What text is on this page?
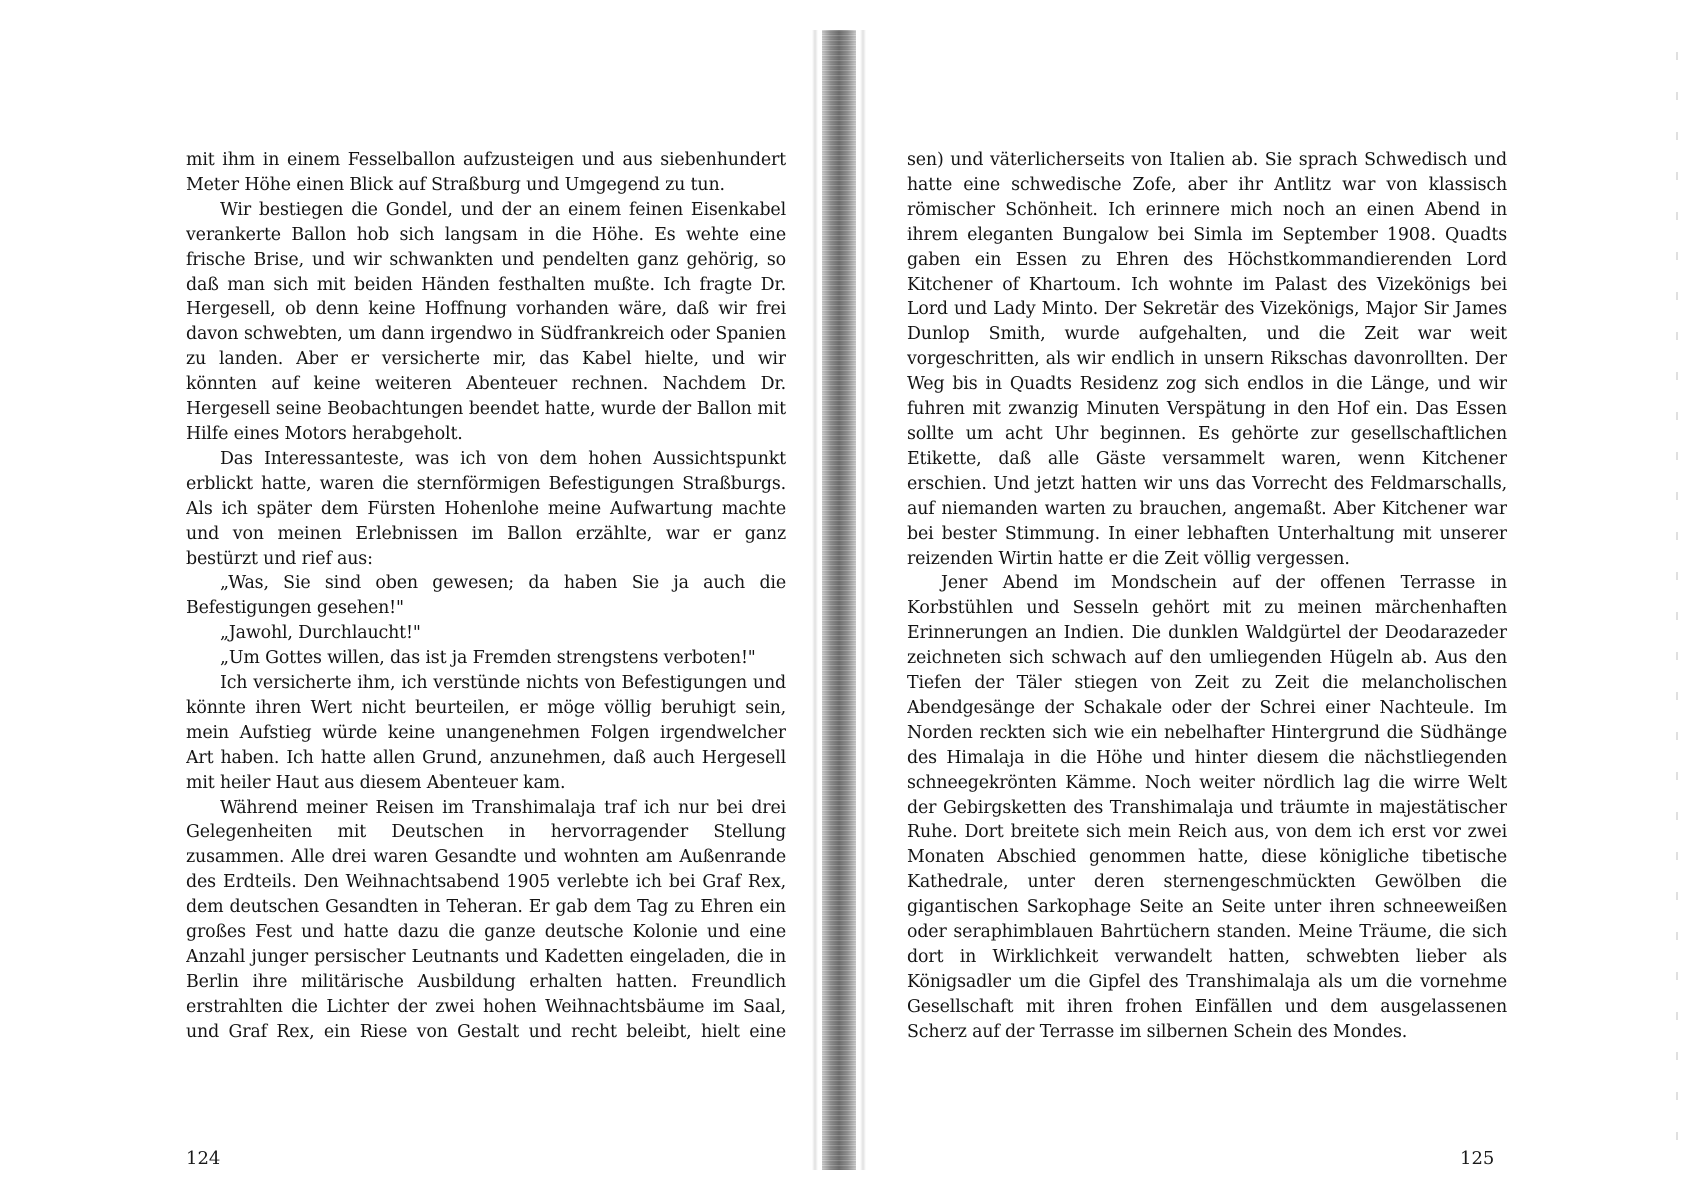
mit ihm in einem Fesselballon aufzusteigen und aus siebenhundert Meter Höhe einen Blick auf Straßburg und Umgegend zu tun.

Wir bestiegen die Gondel, und der an einem feinen Eisenkabel verankerte Ballon hob sich langsam in die Höhe. Es wehte eine frische Brise, und wir schwankten und pendelten ganz gehörig, so daß man sich mit beiden Händen festhalten mußte. Ich fragte Dr. Hergesell, ob denn keine Hoffnung vorhanden wäre, daß wir frei davon schwebten, um dann irgendwo in Südfrankreich oder Spanien zu landen. Aber er versicherte mir, das Kabel hielte, und wir könnten auf keine weiteren Abenteuer rechnen. Nachdem Dr. Hergesell seine Beobachtungen beendet hatte, wurde der Ballon mit Hilfe eines Motors herabgeholt.

Das Interessanteste, was ich von dem hohen Aussichtspunkt erblickt hatte, waren die sternförmigen Befestigungen Straßburgs. Als ich später dem Fürsten Hohenlohe meine Aufwartung machte und von meinen Erlebnissen im Ballon erzählte, war er ganz bestürzt und rief aus:

„Was, Sie sind oben gewesen; da haben Sie ja auch die Befestigungen gesehen!"

„Jawohl, Durchlaucht!"

„Um Gottes willen, das ist ja Fremden strengstens verboten!"

Ich versicherte ihm, ich verstünde nichts von Befestigungen und könnte ihren Wert nicht beurteilen, er möge völlig beruhigt sein, mein Aufstieg würde keine unangenehmen Folgen irgendwelcher Art haben. Ich hatte allen Grund, anzunehmen, daß auch Hergesell mit heiler Haut aus diesem Abenteuer kam.

Während meiner Reisen im Transhimalaja traf ich nur bei drei Gelegenheiten mit Deutschen in hervorragender Stellung zusammen. Alle drei waren Gesandte und wohnten am Außenrande des Erdteils. Den Weihnachtsabend 1905 verlebte ich bei Graf Rex, dem deutschen Gesandten in Teheran. Er gab dem Tag zu Ehren ein großes Fest und hatte dazu die ganze deutsche Kolonie und eine Anzahl junger persischer Leutnants und Kadetten eingeladen, die in Berlin ihre militärische Ausbildung erhalten hatten. Freundlich erstrahlten die Lichter der zwei hohen Weihnachtsbäume im Saal, und Graf Rex, ein Riese von Gestalt und recht beleibt, hielt eine

124

sen) und väterlicherseits von Italien ab. Sie sprach Schwedisch und hatte eine schwedische Zofe, aber ihr Antlitz war von klassisch römischer Schönheit. Ich erinnere mich noch an einen Abend in ihrem eleganten Bungalow bei Simla im September 1908. Quadts gaben ein Essen zu Ehren des Höchstkommandierenden Lord Kitchener of Khartoum. Ich wohnte im Palast des Vizekönigs bei Lord und Lady Minto. Der Sekretär des Vizekönigs, Major Sir James Dunlop Smith, wurde aufgehalten, und die Zeit war weit vorgeschritten, als wir endlich in unsern Rikschas davonrollten. Der Weg bis in Quadts Residenz zog sich endlos in die Länge, und wir fuhren mit zwanzig Minuten Verspätung in den Hof ein. Das Essen sollte um acht Uhr beginnen. Es gehörte zur gesellschaftlichen Etikette, daß alle Gäste versammelt waren, wenn Kitchener erschien. Und jetzt hatten wir uns das Vorrecht des Feldmarschalls, auf niemanden warten zu brauchen, angemaßt. Aber Kitchener war bei bester Stimmung. In einer lebhaften Unterhaltung mit unserer reizenden Wirtin hatte er die Zeit völlig vergessen.

Jener Abend im Mondschein auf der offenen Terrasse in Korbstühlen und Sesseln gehört mit zu meinen märchenhaften Erinnerungen an Indien. Die dunklen Waldgürtel der Deodarazeder zeichneten sich schwach auf den umliegenden Hügeln ab. Aus den Tiefen der Täler stiegen von Zeit zu Zeit die melancholischen Abendgesänge der Schakale oder der Schrei einer Nachteule. Im Norden reckten sich wie ein nebelhafter Hintergrund die Südhänge des Himalaja in die Höhe und hinter diesem die nächstliegenden schneegekrönten Kämme. Noch weiter nördlich lag die wirre Welt der Gebirgsketten des Transhimalaja und träumte in majestätischer Ruhe. Dort breitete sich mein Reich aus, von dem ich erst vor zwei Monaten Abschied genommen hatte, diese königliche tibetische Kathedrale, unter deren sternengeschmückten Gewölben die gigantischen Sarkophage Seite an Seite unter ihren schneeweißen oder seraphimblauen Bahrtüchern standen. Meine Träume, die sich dort in Wirklichkeit verwandelt hatten, schwebten lieber als Königsadler um die Gipfel des Transhimalaja als um die vornehme Gesellschaft mit ihren frohen Einfällen und dem ausgelassenen Scherz auf der Terrasse im silbernen Schein des Mondes.

125
